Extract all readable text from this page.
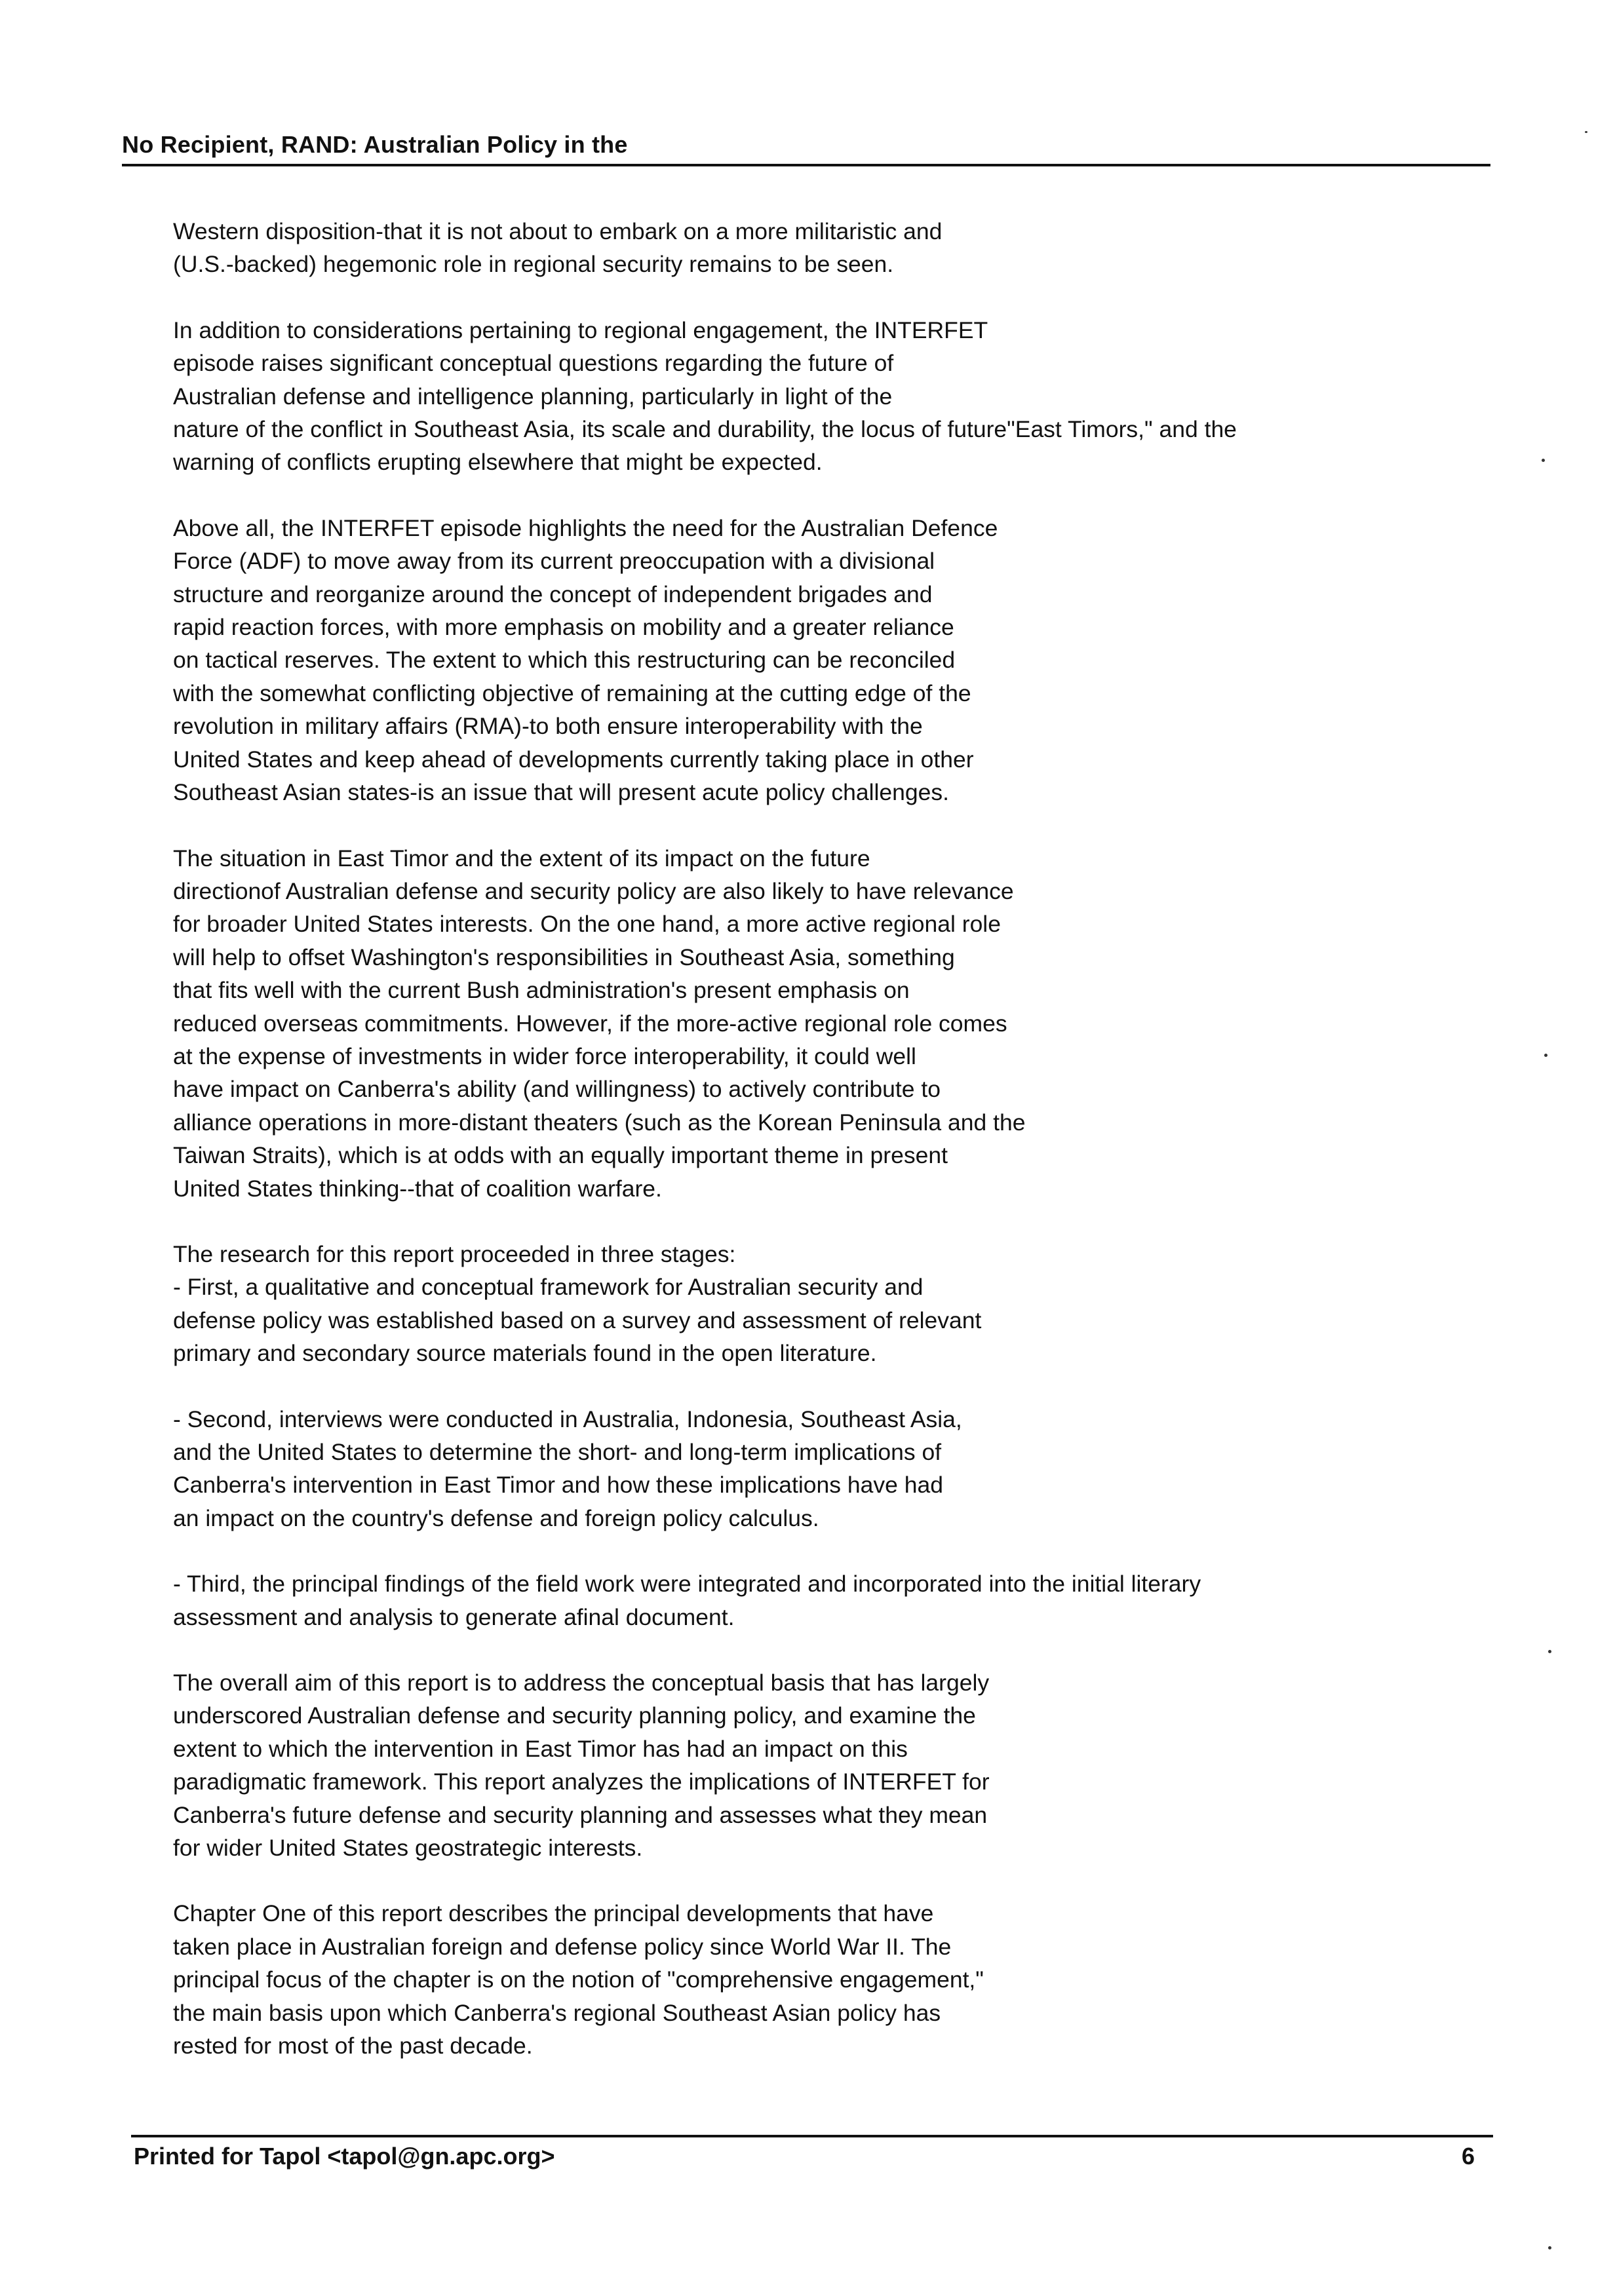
No Recipient, RAND: Australian Policy in the

Western disposition-that it is not about to embark on a more militaristic and
(U.S.-backed) hegemonic role in regional security remains to be seen.

In addition to considerations pertaining to regional engagement, the INTERFET
episode raises significant conceptual questions regarding the future of
Australian defense and intelligence planning, particularly in light of the
nature of the conflict in Southeast Asia, its scale and durability, the locus of future"East Timors," and the
warning of conflicts erupting elsewhere that might be expected.

Above all, the INTERFET episode highlights the need for the Australian Defence
Force (ADF) to move away from its current preoccupation with a divisional
structure and reorganize around the concept of independent brigades and
rapid reaction forces, with more emphasis on mobility and a greater reliance
on tactical reserves. The extent to which this restructuring can be reconciled
with the somewhat conflicting objective of remaining at the cutting edge of the
revolution in military affairs (RMA)-to both ensure interoperability with the
United States and keep ahead of developments currently taking place in other
Southeast Asian states-is an issue that will present acute policy challenges.

The situation in East Timor and the extent of its impact on the future
directionof Australian defense and security policy are also likely to have relevance
for broader United States interests. On the one hand, a more active regional role
will help to offset Washington's responsibilities in Southeast Asia, something
that fits well with the current Bush administration's present emphasis on
reduced overseas commitments. However, if the more-active regional role comes
at the expense of investments in wider force interoperability, it could well
have impact on Canberra's ability (and willingness) to actively contribute to
alliance operations in more-distant theaters (such as the Korean Peninsula and the
Taiwan Straits), which is at odds with an equally important theme in present
United States thinking--that of coalition warfare.

The research for this report proceeded in three stages:
- First, a qualitative and conceptual framework for Australian security and
defense policy was established based on a survey and assessment of relevant
primary and secondary source materials found in the open literature.

- Second, interviews were conducted in Australia, Indonesia, Southeast Asia,
and the United States to determine the short- and long-term implications of
Canberra's intervention in East Timor and how these implications have had
an impact on the country's defense and foreign policy calculus.

- Third, the principal findings of the field work were integrated and incorporated into the initial literary
assessment and analysis to generate afinal document.

The overall aim of this report is to address the conceptual basis that has largely
underscored Australian defense and security planning policy, and examine the
extent to which the intervention in East Timor has had an impact on this
paradigmatic framework. This report analyzes the implications of INTERFET for
Canberra's future defense and security planning and assesses what they mean
for wider United States geostrategic interests.

Chapter One of this report describes the principal developments that have
taken place in Australian foreign and defense policy since World War II. The
principal focus of the chapter is on the notion of "comprehensive engagement,"
the main basis upon which Canberra's regional Southeast Asian policy has
rested for most of the past decade.

Printed for Tapol <tapol@gn.apc.org>	6
